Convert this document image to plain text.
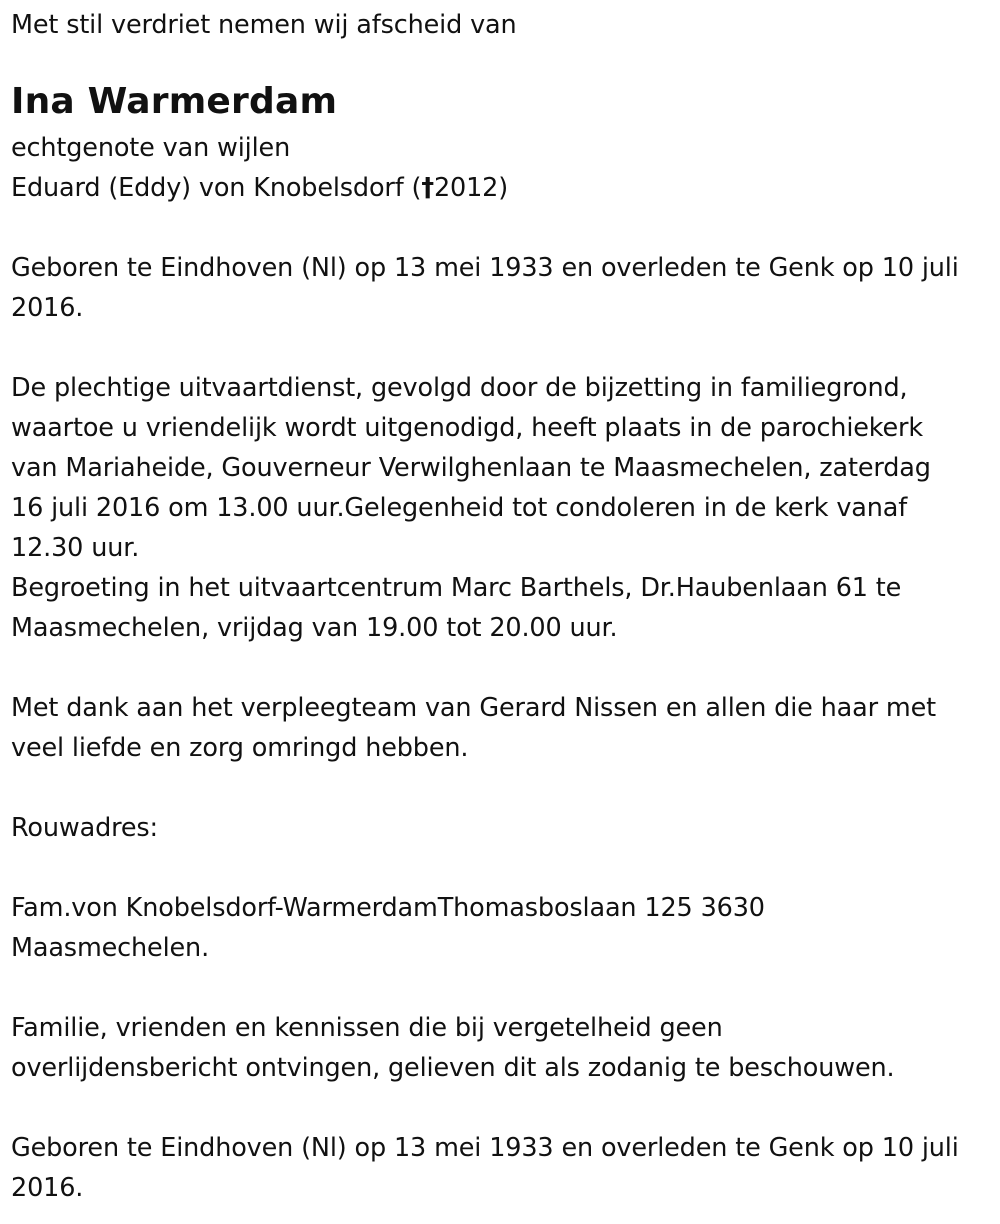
Met stil verdriet nemen wij afscheid van

Ina Warmerdam

echtgenote van wijlen

Eduard (Eddy) von Knobelsdorf (†2012)

Geboren te Eindhoven (Nl) op 13 mei 1933 en overleden te Genk op 10 juli

2016.

De plechtige uitvaartdienst, gevolgd door de bijzetting in familiegrond,

waartoe u vriendelijk wordt uitgenodigd, heeft plaats in de parochiekerk

van Mariaheide, Gouverneur Verwilghenlaan te Maasmechelen, zaterdag

16 juli 2016 om 13.00 uur.Gelegenheid tot condoleren in de kerk vanaf

12.30 uur.

Begroeting in het uitvaartcentrum Marc Barthels, Dr.Haubenlaan 61 te

Maasmechelen, vrijdag van 19.00 tot 20.00 uur.

Met dank aan het verpleegteam van Gerard Nissen en allen die haar met

veel liefde en zorg omringd hebben.

Rouwadres:

Fam.von Knobelsdorf-WarmerdamThomasboslaan 125 3630

Maasmechelen.

Familie, vrienden en kennissen die bij vergetelheid geen

overlijdensbericht ontvingen, gelieven dit als zodanig te beschouwen.

Geboren te Eindhoven (Nl) op 13 mei 1933 en overleden te Genk op 10 juli

2016.
